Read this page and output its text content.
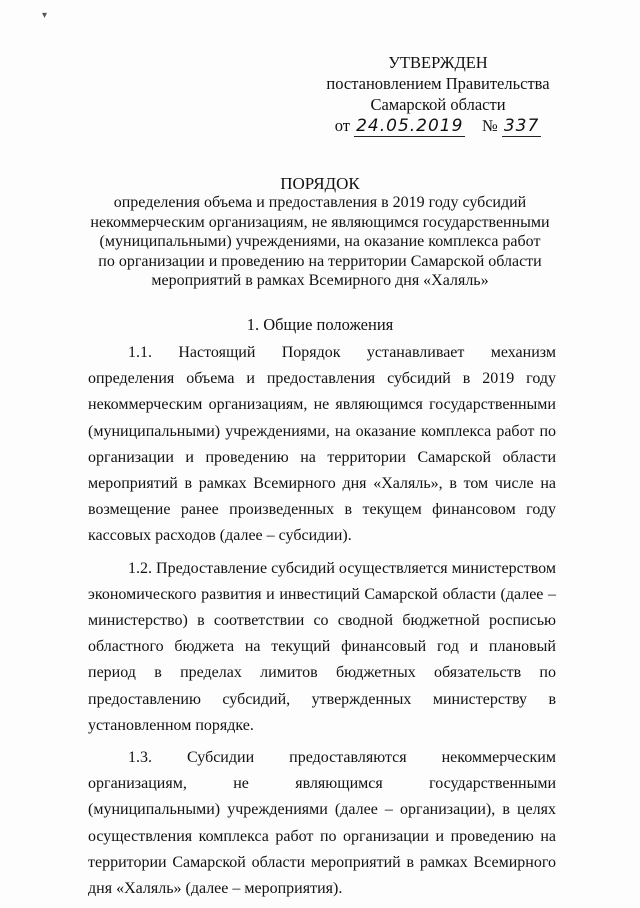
▾
УТВЕРЖДЕН
постановлением Правительства
Самарской области
от 24.05.2019 № 337
ПОРЯДОК
определения объема и предоставления в 2019 году субсидий
некоммерческим организациям, не являющимся государственными
(муниципальными) учреждениями, на оказание комплекса работ
по организации и проведению на территории Самарской области
мероприятий в рамках Всемирного дня «Халяль»
1. Общие положения

1.1. Настоящий Порядок устанавливает механизм определения объема и предоставления субсидий в 2019 году некоммерческим организациям, не являющимся государственными (муниципальными) учреждениями, на оказание комплекса работ по организации и проведению на территории Самарской области мероприятий в рамках Всемирного дня «Халяль», в том числе на возмещение ранее произведенных в текущем финансовом году кассовых расходов (далее – субсидии).

1.2. Предоставление субсидий осуществляется министерством экономического развития и инвестиций Самарской области (далее – министерство) в соответствии со сводной бюджетной росписью областного бюджета на текущий финансовый год и плановый период в пределах лимитов бюджетных обязательств по предоставлению субсидий, утвержденных министерству в установленном порядке.

1.3. Субсидии предоставляются некоммерческим организациям, не являющимся государственными (муниципальными) учреждениями (далее – организации), в целях осуществления комплекса работ по организации и проведению на территории Самарской области мероприятий в рамках Всемирного дня «Халяль» (далее – мероприятия).
